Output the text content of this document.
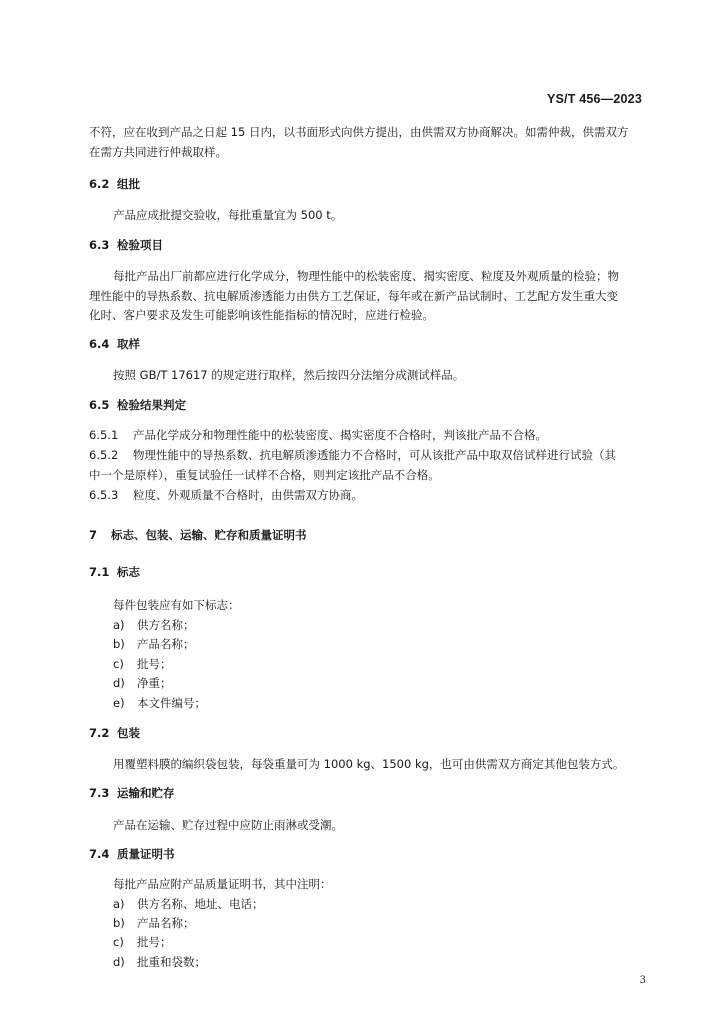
YS/T 456—2023
不符，应在收到产品之日起 15 日内，以书面形式向供方提出，由供需双方协商解决。如需仲裁，供需双方
在需方共同进行仲裁取样。
6.2 组批
产品应成批提交验收，每批重量宜为 500 t。
6.3 检验项目
每批产品出厂前都应进行化学成分，物理性能中的松装密度、揭实密度、粒度及外观质量的检验；物
理性能中的导热系数、抗电解质渗透能力由供方工艺保证，每年或在新产品试制时、工艺配方发生重大变
化时、客户要求及发生可能影响该性能指标的情况时，应进行检验。
6.4 取样
按照 GB/T 17617 的规定进行取样，然后按四分法缩分成测试样品。
6.5 检验结果判定
6.5.1 产品化学成分和物理性能中的松装密度、揭实密度不合格时，判该批产品不合格。
6.5.2 物理性能中的导热系数、抗电解质渗透能力不合格时，可从该批产品中取双倍试样进行试验（其
中一个是原样），重复试验任一试样不合格，则判定该批产品不合格。
6.5.3 粒度、外观质量不合格时，由供需双方协商。
7 标志、包装、运输、贮存和质量证明书
7.1 标志
每件包装应有如下标志：
a) 供方名称；
b) 产品名称；
c) 批号；
d) 净重；
e) 本文件编号；
7.2 包装
用覆塑料膜的编织袋包装，每袋重量可为 1000 kg、1500 kg，也可由供需双方商定其他包装方式。
7.3 运输和贮存
产品在运输、贮存过程中应防止雨淋或受潮。
7.4 质量证明书
每批产品应附产品质量证明书，其中注明：
a) 供方名称、地址、电话；
b) 产品名称；
c) 批号；
d) 批重和袋数；
3
